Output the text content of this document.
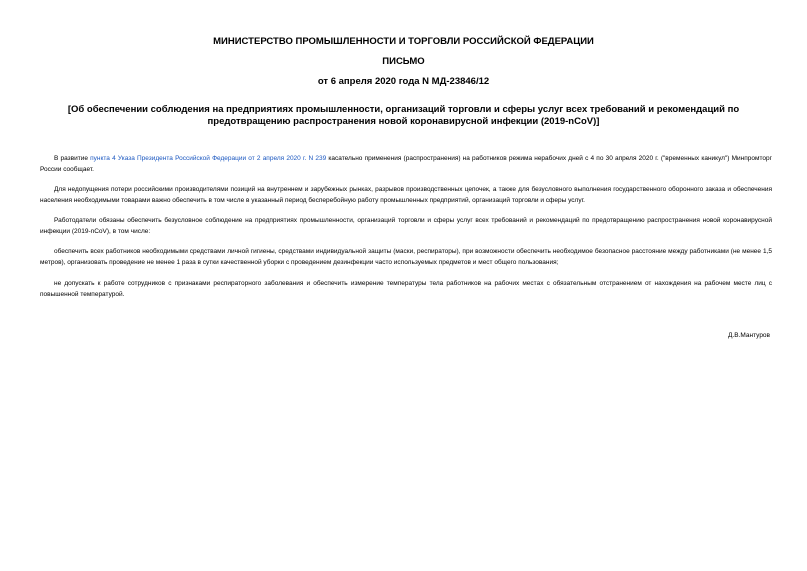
МИНИСТЕРСТВО ПРОМЫШЛЕННОСТИ И ТОРГОВЛИ РОССИЙСКОЙ ФЕДЕРАЦИИ

ПИСЬМО

от 6 апреля 2020 года N МД-23846/12

[Об обеспечении соблюдения на предприятиях промышленности, организаций торговли и сферы услуг всех требований и рекомендаций по предотвращению распространения новой коронавирусной инфекции (2019-nCoV)]

В развитие пункта 4 Указа Президента Российской Федерации от 2 апреля 2020 г. N 239 касательно применения (распространения) на работников режима нерабочих дней с 4 по 30 апреля 2020 г. ("временных каникул") Минпромторг России сообщает.

Для недопущения потери российскими производителями позиций на внутреннем и зарубежных рынках, разрывов производственных цепочек, а также для безусловного выполнения государственного оборонного заказа и обеспечения населения необходимыми товарами важно обеспечить в том числе в указанный период бесперебойную работу промышленных предприятий, организаций торговли и сферы услуг.

Работодатели обязаны обеспечить безусловное соблюдение на предприятиях промышленности, организаций торговли и сферы услуг всех требований и рекомендаций по предотвращению распространения новой коронавирусной инфекции (2019-nCoV), в том числе:

обеспечить всех работников необходимыми средствами личной гигиены, средствами индивидуальной защиты (маски, респираторы), при возможности обеспечить необходимое безопасное расстояние между работниками (не менее 1,5 метров), организовать проведение не менее 1 раза в сутки качественной уборки с проведением дезинфекции часто используемых предметов и мест общего пользования;

не допускать к работе сотрудников с признаками респираторного заболевания и обеспечить измерение температуры тела работников на рабочих местах с обязательным отстранением от нахождения на рабочем месте лиц с повышенной температурой.

Д.В.Мантуров
